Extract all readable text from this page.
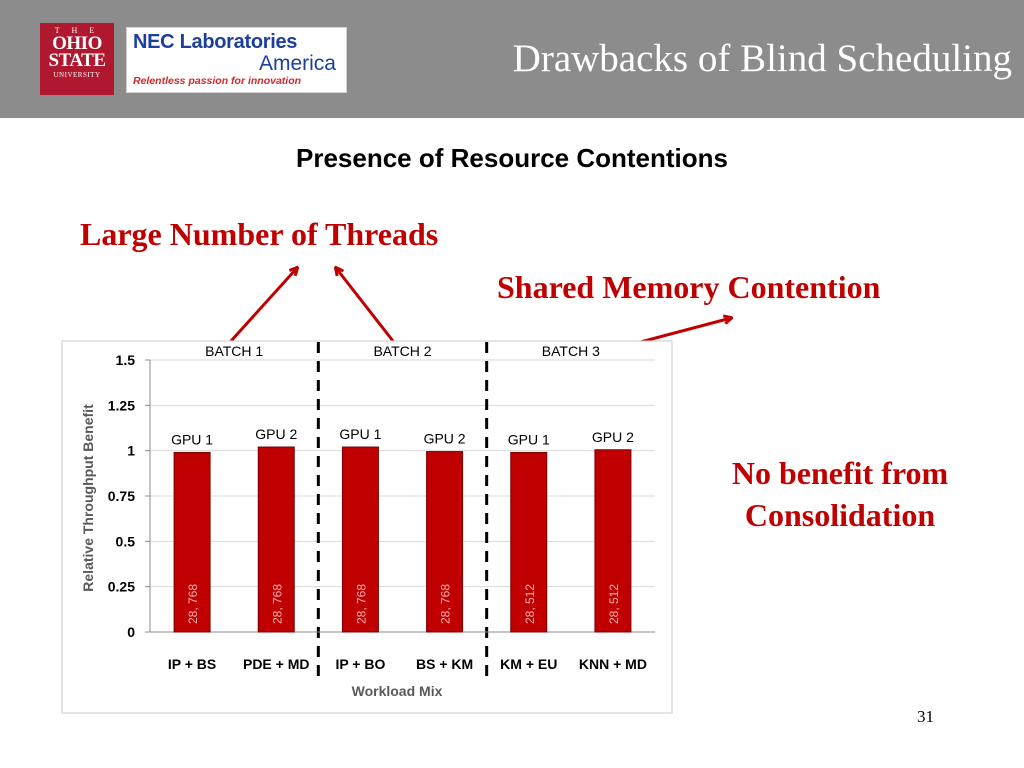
T H E
OHIO
STATE
UNIVERSITY
NEC Laboratories
America
Relentless passion for innovation
Drawbacks of Blind Scheduling
Presence of Resource Contentions
Large Number of Threads
Shared Memory Contention
No benefit from
Consolidation
0
0.25
0.5
0.75
1
1.25
1.5
BATCH 1	BATCH 2	BATCH 3
28, 768
GPU 1
IP + BS
28, 768
GPU 2
PDE + MD
28, 768
GPU 1
IP + BO
28, 768
GPU 2
BS + KM
28, 512
GPU 1
KM + EU
28, 512
GPU 2
KNN + MD
Relative Throughput Benefit
Workload Mix
31
